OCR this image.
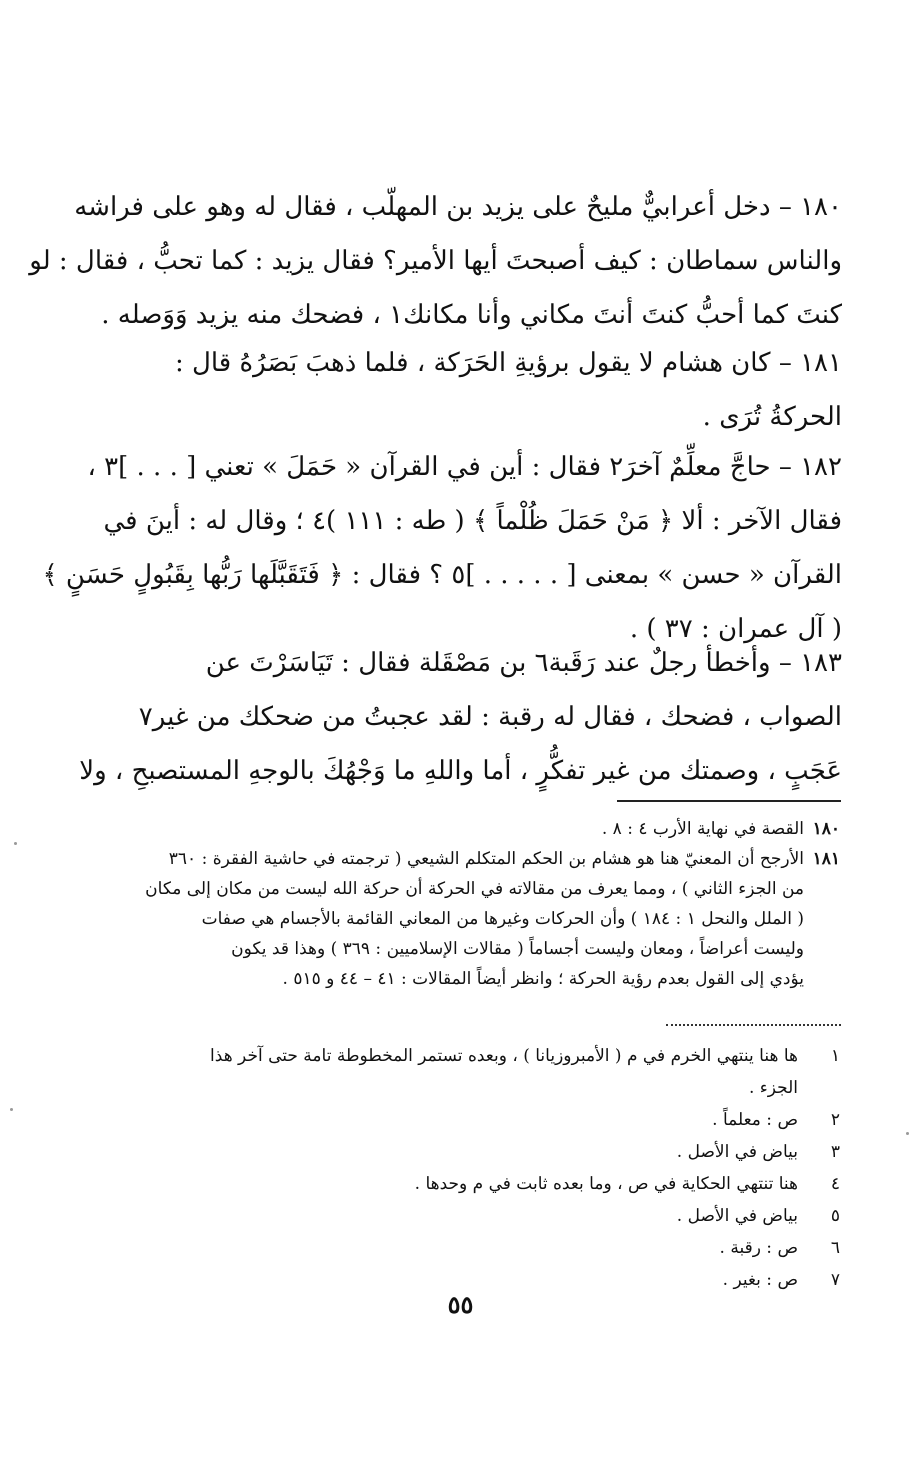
١٨٠ – دخل أعرابيٌّ مليحٌ على يزيد بن المهلّب ، فقال له وهو على فراشه
والناس سماطان : كيف أصبحتَ أيها الأمير؟ فقال يزيد : كما تحبُّ ، فقال : لو
كنتَ كما أحبُّ كنتَ أنتَ مكاني وأنا مكانك١ ، فضحك منه يزيد وَوَصله .
١٨١ – كان هشام لا يقول برؤيةِ الحَرَكة ، فلما ذهبَ بَصَرُهُ قال :
الحركةُ تُرَى .
١٨٢ – حاجَّ معلِّمٌ آخرَ٢ فقال : أين في القرآن « حَمَلَ » تعني [ . . . ]٣ ،
فقال الآخر : ألا ﴿ مَنْ حَمَلَ ظُلْماً ﴾ ( طه : ١١١ )٤ ؛ وقال له : أينَ في
القرآن « حسن » بمعنى [ . . . . . ]٥ ؟ فقال : ﴿ فَتَقَبَّلَها رَبُّها بِقَبُولٍ حَسَنٍ ﴾
( آل عمران : ٣٧ ) .
١٨٣ – وأخطأ رجلٌ عند رَقَبة٦ بن مَصْقَلة فقال : تَيَاسَرْتَ عن
الصواب ، فضحك ، فقال له رقبة : لقد عجبتُ من ضحكك من غير٧
عَجَبٍ ، وصمتك من غير تفكُّرٍ ، أما واللهِ ما وَجْهُكَ بالوجهِ المستصبحِ ، ولا
١٨٠
القصة في نهاية الأرب ٤ : ٨ .
١٨١
الأرجح أن المعنيّ هنا هو هشام بن الحكم المتكلم الشيعي ( ترجمته في حاشية الفقرة : ٣٦٠
من الجزء الثاني ) ، ومما يعرف من مقالاته في الحركة أن حركة الله ليست من مكان إلى مكان
( الملل والنحل ١ : ١٨٤ ) وأن الحركات وغيرها من المعاني القائمة بالأجسام هي صفات
وليست أعراضاً ، ومعان وليست أجساماً ( مقالات الإسلاميين : ٣٦٩ ) وهذا قد يكون
يؤدي إلى القول بعدم رؤية الحركة ؛ وانظر أيضاً المقالات : ٤١ – ٤٤ و ٥١٥ .
١
ها هنا ينتهي الخرم في م ( الأمبروزيانا ) ، وبعده تستمر المخطوطة تامة حتى آخر هذا الجزء .
٢
ص : معلماً .
٣
بياض في الأصل .
٤
هنا تنتهي الحكاية في ص ، وما بعده ثابت في م وحدها .
٥
بياض في الأصل .
٦
ص : رقبة .
٧
ص : بغير .
٥٥
